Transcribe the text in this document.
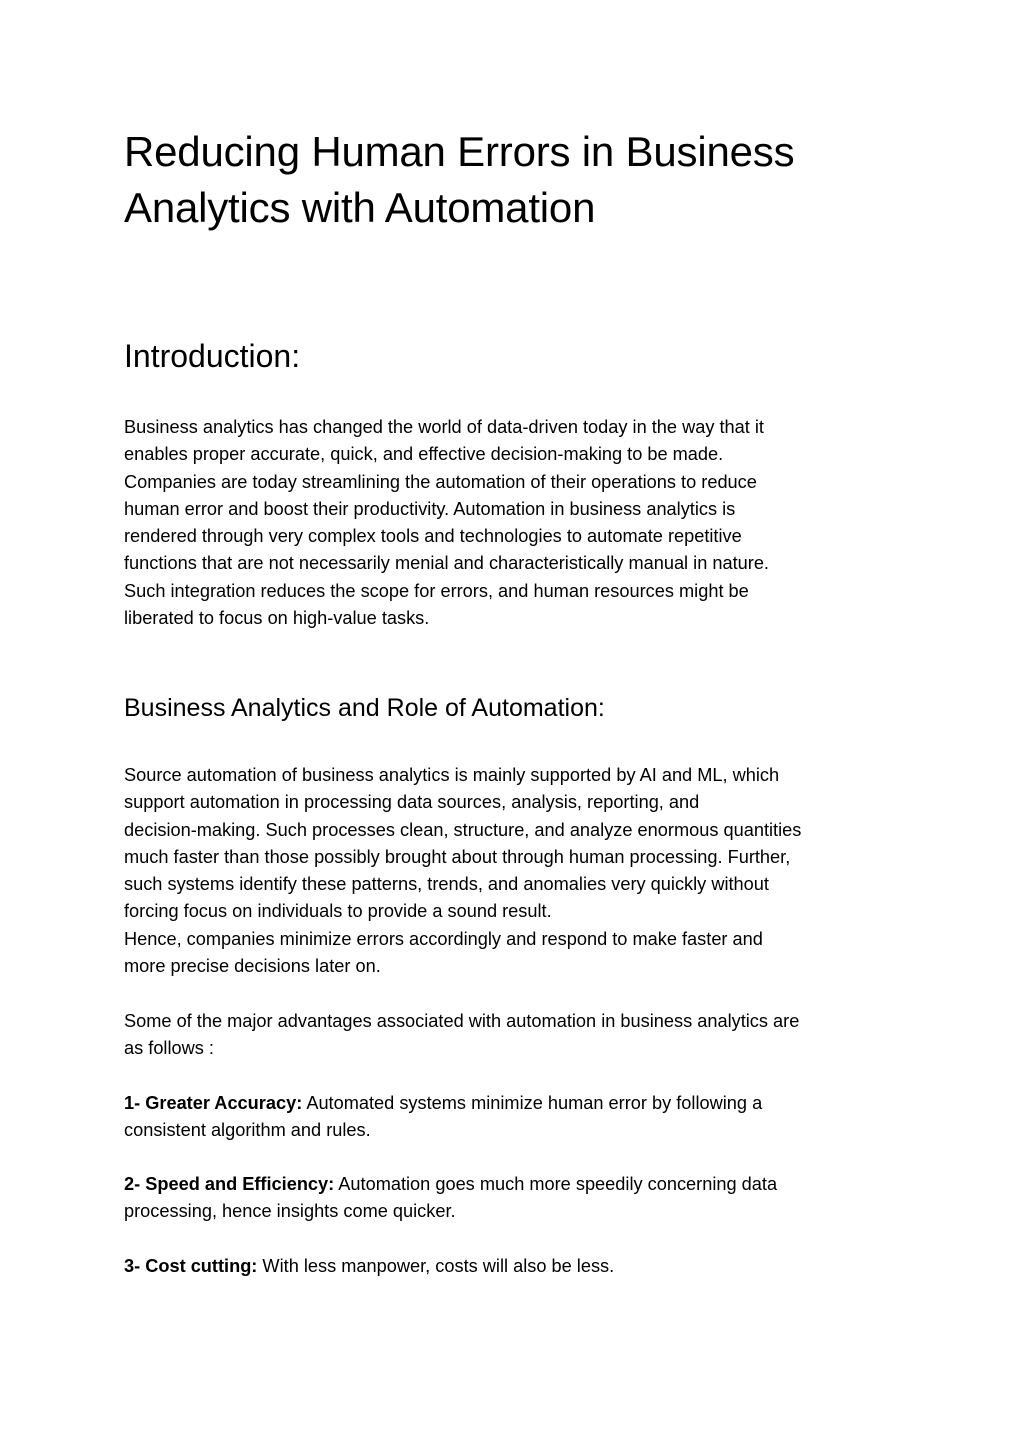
Reducing Human Errors in Business
Analytics with Automation
Introduction:

Business analytics has changed the world of data-driven today in the way that it
enables proper accurate, quick, and effective decision-making to be made.
Companies are today streamlining the automation of their operations to reduce
human error and boost their productivity. Automation in business analytics is
rendered through very complex tools and technologies to automate repetitive
functions that are not necessarily menial and characteristically manual in nature.
Such integration reduces the scope for errors, and human resources might be
liberated to focus on high-value tasks.

Business Analytics and Role of Automation:

Source automation of business analytics is mainly supported by AI and ML, which
support automation in processing data sources, analysis, reporting, and
decision-making. Such processes clean, structure, and analyze enormous quantities
much faster than those possibly brought about through human processing. Further,
such systems identify these patterns, trends, and anomalies very quickly without
forcing focus on individuals to provide a sound result.
Hence, companies minimize errors accordingly and respond to make faster and
more precise decisions later on.

Some of the major advantages associated with automation in business analytics are
as follows :

1- Greater Accuracy: Automated systems minimize human error by following a
consistent algorithm and rules.

2- Speed and Efficiency: Automation goes much more speedily concerning data
processing, hence insights come quicker.

3- Cost cutting: With less manpower, costs will also be less.
